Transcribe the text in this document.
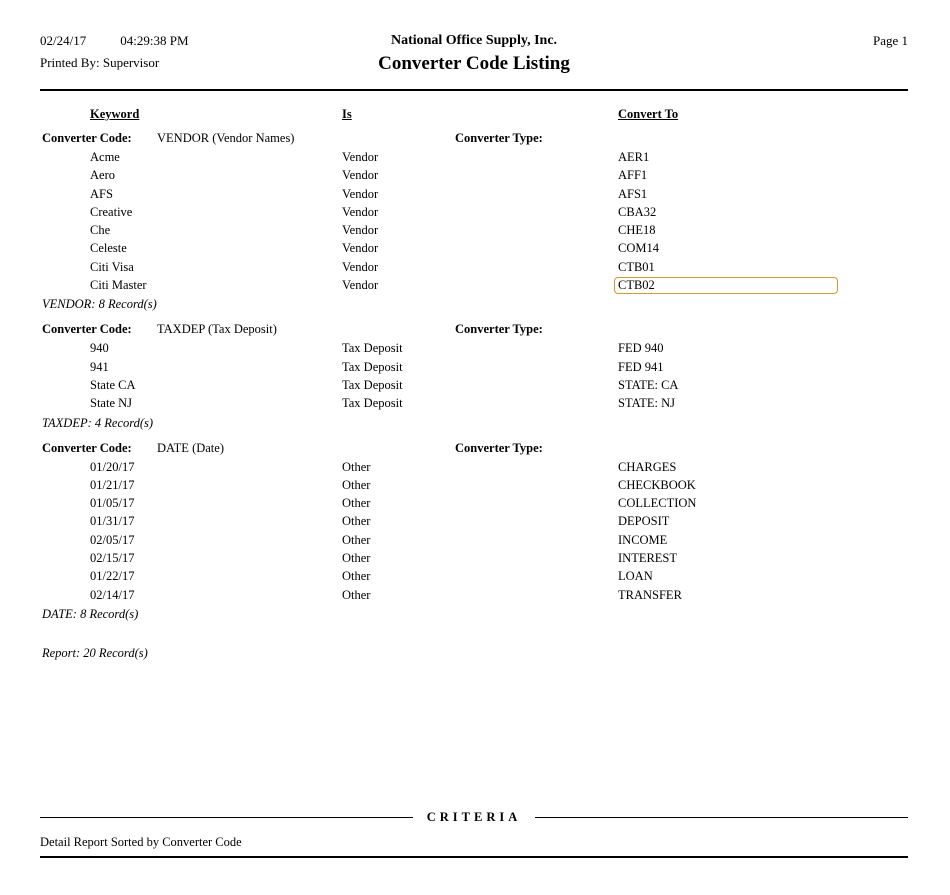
02/24/17	04:29:38 PM
Printed By: Supervisor
National Office Supply, Inc.
Converter Code Listing
Page 1
Keyword	Is	Convert To
Converter Code:	VENDOR (Vendor Names)	Converter Type:
Acme	Vendor	AER1
Aero	Vendor	AFF1
AFS	Vendor	AFS1
Creative	Vendor	CBA32
Che	Vendor	CHE18
Celeste	Vendor	COM14
Citi Visa	Vendor	CTB01
Citi Master	Vendor	CTB02
VENDOR: 8 Record(s)
Converter Code:	TAXDEP (Tax Deposit)	Converter Type:
940	Tax Deposit	FED 940
941	Tax Deposit	FED 941
State CA	Tax Deposit	STATE: CA
State NJ	Tax Deposit	STATE: NJ
TAXDEP: 4 Record(s)
Converter Code:	DATE (Date)	Converter Type:
01/20/17	Other	CHARGES
01/21/17	Other	CHECKBOOK
01/05/17	Other	COLLECTION
01/31/17	Other	DEPOSIT
02/05/17	Other	INCOME
02/15/17	Other	INTEREST
01/22/17	Other	LOAN
02/14/17	Other	TRANSFER
DATE: 8 Record(s)
Report: 20 Record(s)
CRITERIA
Detail Report Sorted by Converter Code
